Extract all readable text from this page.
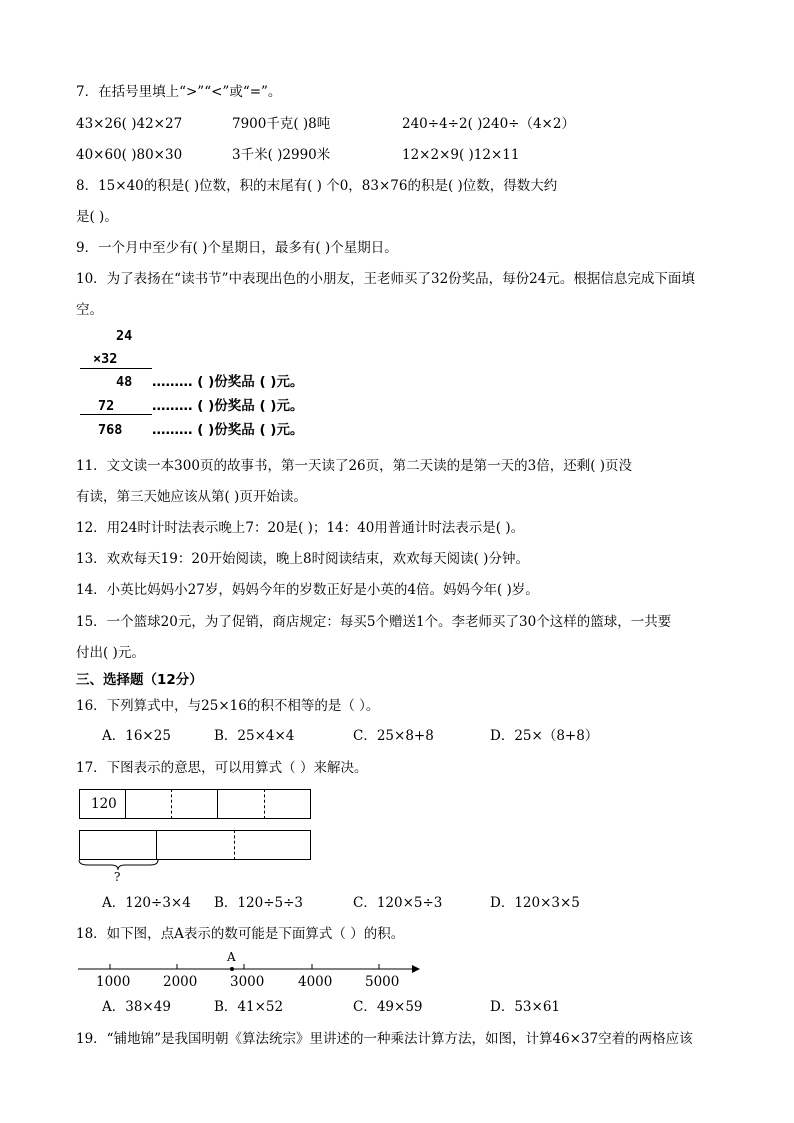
7．在括号里填上“>”“<”或“=”。
43×26( )42×27	7900千克( )8吨	240÷4÷2( )240÷（4×2）
40×60( )80×30	3千米( )2990米	12×2×9( )12×11
8．15×40的积是( )位数，积的末尾有( ) 个0，83×76的积是( )位数，得数大约
是( )。
9．一个月中至少有( )个星期日，最多有( )个星期日。
10．为了表扬在“读书节”中表现出色的小朋友，王老师买了32份奖品，每份24元。根据信息完成下面填
空。
24
×32
48 ……… ( )份奖品 ( )元。
72	……… ( )份奖品 ( )元。
768 ……… ( )份奖品 ( )元。
11．文文读一本300页的故事书，第一天读了26页，第二天读的是第一天的3倍，还剩( )页没
有读，第三天她应该从第( )页开始读。
12．用24时计时法表示晚上7：20是( )；14：40用普通计时法表示是( )。
13．欢欢每天19：20开始阅读，晚上8时阅读结束，欢欢每天阅读( )分钟。
14．小英比妈妈小27岁，妈妈今年的岁数正好是小英的4倍。妈妈今年( )岁。
15．一个篮球20元，为了促销，商店规定：每买5个赠送1个。李老师买了30个这样的篮球，一共要
付出( )元。
三、选择题（12分）
16．下列算式中，与25×16的积不相等的是（ ）。
A．16×25	B．25×4×4	C．25×8+8	D．25×（8+8）
17．下图表示的意思，可以用算式（ ）来解决。
120
?
A．120÷3×4 B．120÷5÷3	C．120×5÷3	D．120×3×5
18．如下图，点A表示的数可能是下面算式（ ）的积。
A
1000 2000 3000 4000 5000
A．38×49	B．41×52	C．49×59	D．53×61
19．“铺地锦”是我国明朝《算法统宗》里讲述的一种乘法计算方法，如图，计算46×37空着的两格应该
